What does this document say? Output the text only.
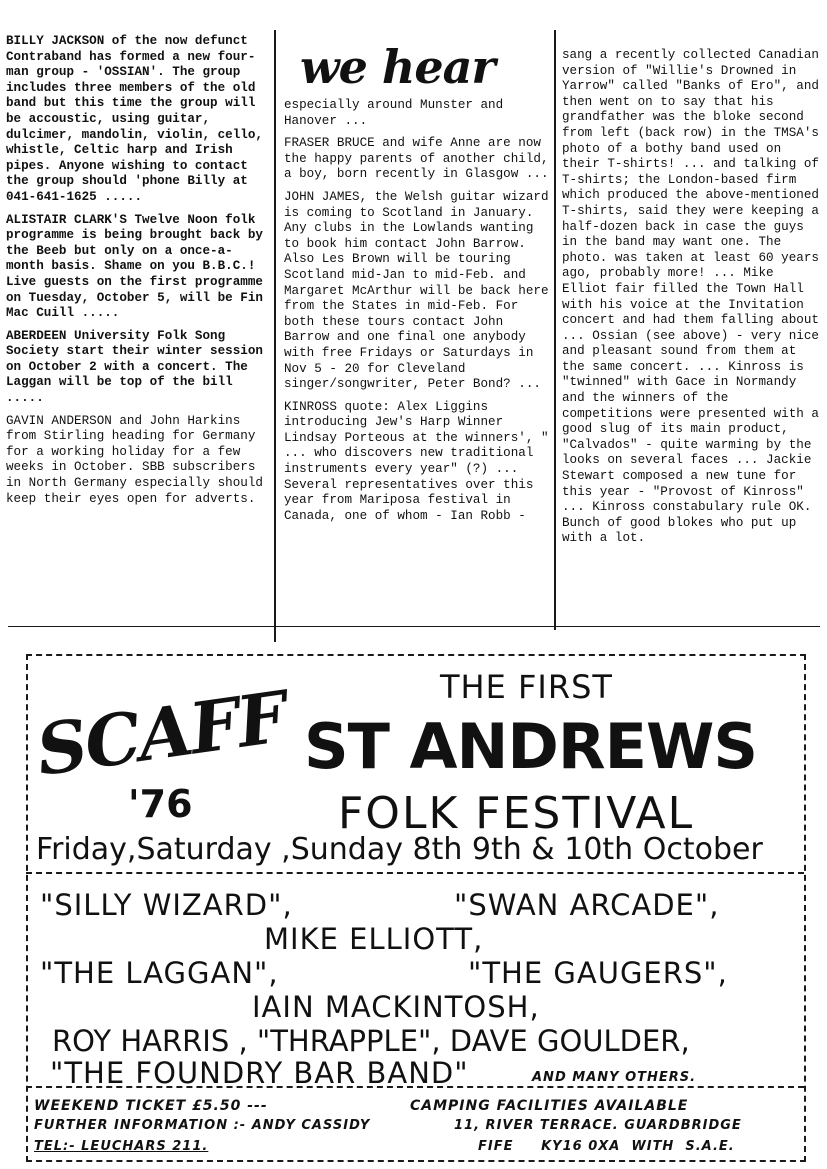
BILLY JACKSON of the now defunct Contraband has formed a new four-man group - 'OSSIAN'. The group includes three members of the old band but this time the group will be accoustic, using guitar, dulcimer, mandolin, violin, cello, whistle, Celtic harp and Irish pipes. Anyone wishing to contact the group should 'phone Billy at 041-641-1625 .....

ALISTAIR CLARK'S Twelve Noon folk programme is being brought back by the Beeb but only on a once-a-month basis. Shame on you B.B.C.! Live guests on the first programme on Tuesday, October 5, will be Fin Mac Cuill .....

ABERDEEN University Folk Song Society start their winter session on October 2 with a concert. The Laggan will be top of the bill .....

GAVIN ANDERSON and John Harkins from Stirling heading for Germany for a working holiday for a few weeks in October. SBB subscribers in North Germany especially should keep their eyes open for adverts.

we hear

especially around Munster and Hanover ...

FRASER BRUCE and wife Anne are now the happy parents of another child, a boy, born recently in Glasgow ...

JOHN JAMES, the Welsh guitar wizard is coming to Scotland in January. Any clubs in the Lowlands wanting to book him contact John Barrow. Also Les Brown will be touring Scotland mid-Jan to mid-Feb. and Margaret McArthur will be back here from the States in mid-Feb. For both these tours contact John Barrow and one final one anybody with free Fridays or Saturdays in Nov 5 - 20 for Cleveland singer/songwriter, Peter Bond? ...

KINROSS quote: Alex Liggins introducing Jew's Harp Winner Lindsay Porteous at the winners', " ... who discovers new traditional instruments every year" (?) ... Several representatives over this year from Mariposa festival in Canada, one of whom - Ian Robb -

sang a recently collected Canadian version of "Willie's Drowned in Yarrow" called "Banks of Ero", and then went on to say that his grandfather was the bloke second from left (back row) in the TMSA's photo of a bothy band used on their T-shirts! ... and talking of T-shirts; the London-based firm which produced the above-mentioned T-shirts, said they were keeping a half-dozen back in case the guys in the band may want one. The photo. was taken at least 60 years ago, probably more! ... Mike Elliot fair filled the Town Hall with his voice at the Invitation concert and had them falling about ... Ossian (see above) - very nice and pleasant sound from them at the same concert. ... Kinross is "twinned" with Gace in Normandy and the winners of the competitions were presented with a good slug of its main product, "Calvados" - quite warming by the looks on several faces ... Jackie Stewart composed a new tune for this year - "Provost of Kinross" ... Kinross constabulary rule OK. Bunch of good blokes who put up with a lot.

SCAFF
'76
THE FIRST
ST ANDREWS
FOLK FESTIVAL
Friday,Saturday ,Sunday 8th 9th & 10th October
"SILLY WIZARD",	"SWAN ARCADE",
MIKE ELLIOTT,
"THE LAGGAN",	"THE GAUGERS",
IAIN MACKINTOSH,
ROY HARRIS , "THRAPPLE", DAVE GOULDER,
"THE FOUNDRY BAR BAND"	AND MANY OTHERS.
WEEKEND TICKET £5.50 ---	CAMPING FACILITIES AVAILABLE
FURTHER INFORMATION :- ANDY CASSIDY	11, RIVER TERRACE. GUARDBRIDGE
TEL:- LEUCHARS 211.	FIFE     KY16 0XA  WITH  S.A.E.
